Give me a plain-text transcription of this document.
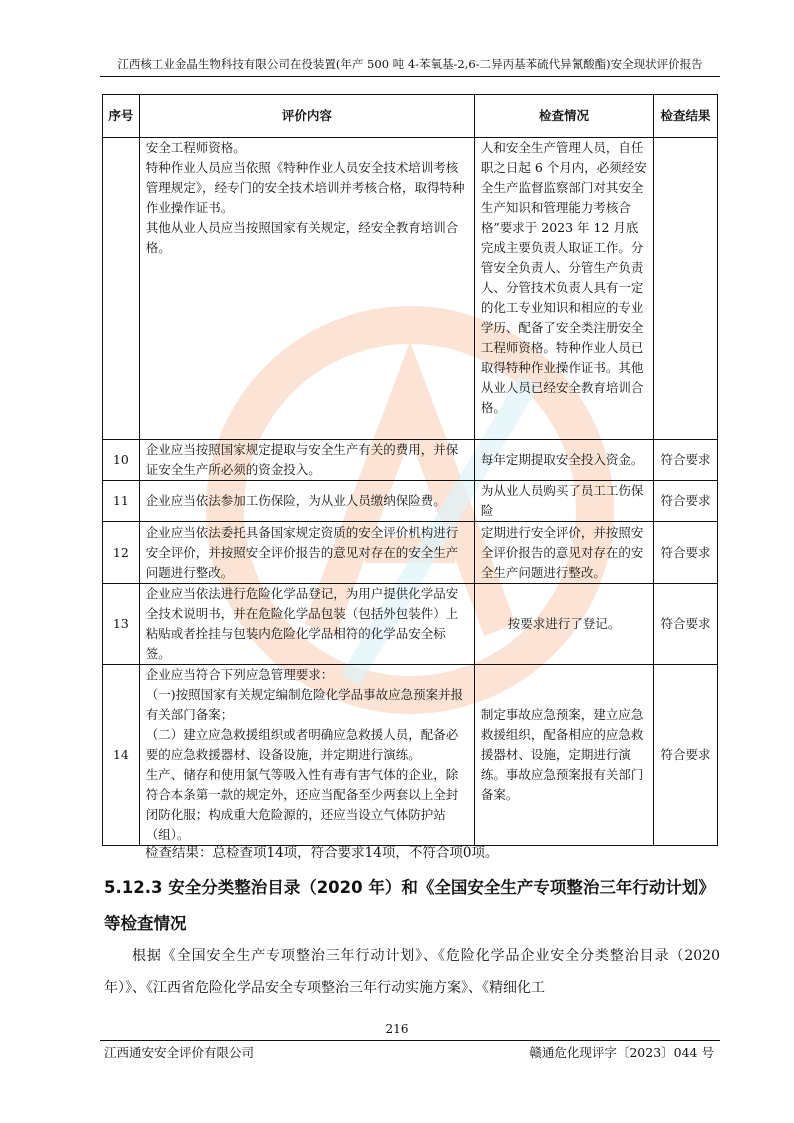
江西核工业金晶生物科技有限公司在役装置(年产 500 吨 4-苯氧基-2,6-二异丙基苯硫代异氰酸酯)安全现状评价报告
序号	评价内容	检查情况	检查结果

	安全工程师资格。
特种作业人员应当依照《特种作业人员安全技术培训考核管理规定》，经专门的安全技术培训并考核合格，取得特种作业操作证书。
其他从业人员应当按照国家有关规定，经安全教育培训合格。	人和安全生产管理人员，自任职之日起 6 个月内，必须经安全生产监督监察部门对其安全生产知识和管理能力考核合格”要求于 2023 年 12 月底完成主要负责人取证工作。分管安全负责人、分管生产负责人、分管技术负责人具有一定的化工专业知识和相应的专业学历、配备了安全类注册安全工程师资格。特种作业人员已取得特种作业操作证书。其他从业人员已经安全教育培训合格。	
10	企业应当按照国家规定提取与安全生产有关的费用，并保证安全生产所必须的资金投入。	每年定期提取安全投入资金。	符合要求
11	企业应当依法参加工伤保险，为从业人员缴纳保险费。	为从业人员购买了员工工伤保险	符合要求
12	企业应当依法委托具备国家规定资质的安全评价机构进行安全评价，并按照安全评价报告的意见对存在的安全生产问题进行整改。	定期进行安全评价，并按照安全评价报告的意见对存在的安全生产问题进行整改。	符合要求
13	企业应当依法进行危险化学品登记，为用户提供化学品安全技术说明书，并在危险化学品包装（包括外包装件）上粘贴或者拴挂与包装内危险化学品相符的化学品安全标签。	按要求进行了登记。	符合要求
14	企业应当符合下列应急管理要求：
（一)按照国家有关规定编制危险化学品事故应急预案并报有关部门备案；
（二）建立应急救援组织或者明确应急救援人员，配备必要的应急救援器材、设备设施，并定期进行演练。
生产、储存和使用氯气等吸入性有毒有害气体的企业，除符合本条第一款的规定外，还应当配备至少两套以上全封闭防化服；构成重大危险源的，还应当设立气体防护站（组）。	制定事故应急预案，建立应急救援组织，配备相应的应急救援器材、设施，定期进行演练。事故应急预案报有关部门备案。	符合要求
检查结果：总检查项14项，符合要求14项，不符合项0项。
5.12.3 安全分类整治目录（2020 年）和《全国安全生产专项整治三年行动计划》等检查情况
根据《全国安全生产专项整治三年行动计划》、《危险化学品企业安全分类整治目录（2020年）》、《江西省危险化学品安全专项整治三年行动实施方案》、《精细化工
216
江西通安安全评价有限公司	赣通危化现评字〔2023〕044 号
